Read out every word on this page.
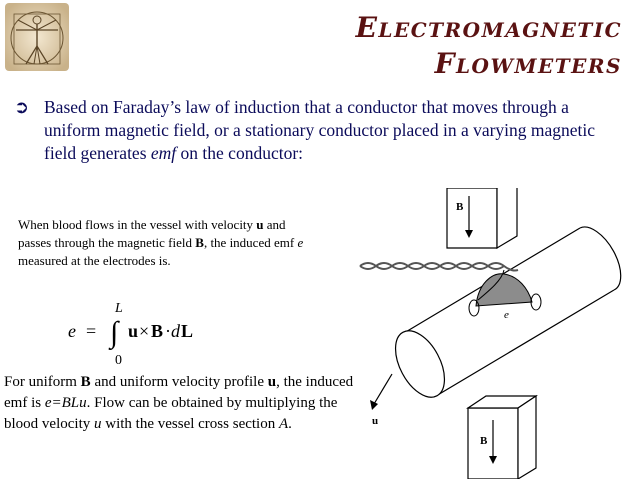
Electromagnetic
Flowmeters
➲ Based on Faraday’s law of induction that a conductor that moves through a uniform magnetic field, or a stationary conductor placed in a varying magnetic field generates emf on the conductor:
When blood flows in the vessel with velocity u and passes through the magnetic field B, the induced emf e measured at the electrodes is.
e =
L
∫
0
u × B · d L
For uniform B and uniform velocity profile u, the induced emf is e=BLu. Flow can be obtained by multiplying the blood velocity u with the vessel cross section A.
B
B
e
u
